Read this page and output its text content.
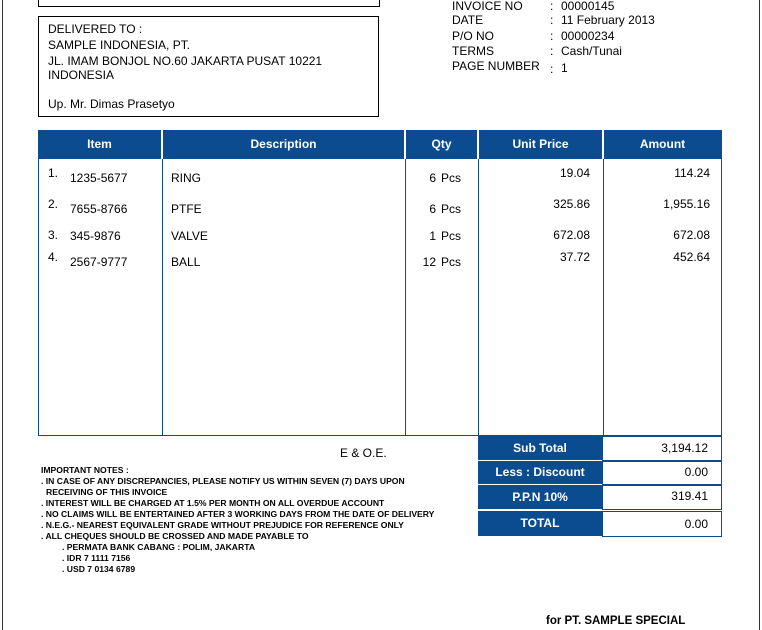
DELIVERED TO :
SAMPLE INDONESIA, PT.
JL. IMAM BONJOL NO.60 JAKARTA PUSAT 10221
INDONESIA
Up. Mr. Dimas Prasetyo
INVOICE NO : 00000145
DATE	: 11 February 2013
P/O NO	: 00000234
TERMS	: Cash/Tunai
PAGE NUMBER : 1
Item	Description	Qty	Unit Price	Amount
1. 1235-5677	RING	6 Pcs	19.04	114.24
2. 7655-8766	PTFE	6 Pcs	325.86	1,955.16
3. 345-9876	VALVE	1 Pcs	672.08	672.08
4. 2567-9777	BALL	12 Pcs	37.72	452.64
E & O.E.	Sub Total	3,194.12
Less : Discount	0.00
P.P.N 10%	319.41
TOTAL	0.00
IMPORTANT NOTES :
. IN CASE OF ANY DISCREPANCIES, PLEASE NOTIFY US WITHIN SEVEN (7) DAYS UPON
RECEIVING OF THIS INVOICE
. INTEREST WILL BE CHARGED AT 1.5% PER MONTH ON ALL OVERDUE ACCOUNT
. NO CLAIMS WILL BE ENTERTAINED AFTER 3 WORKING DAYS FROM THE DATE OF DELIVERY
. N.E.G.- NEAREST EQUIVALENT GRADE WITHOUT PREJUDICE FOR REFERENCE ONLY
. ALL CHEQUES SHOULD BE CROSSED AND MADE PAYABLE TO
. PERMATA BANK CABANG : POLIM, JAKARTA
. IDR 7 1111 7156
. USD 7 0134 6789
for PT. SAMPLE SPECIAL
